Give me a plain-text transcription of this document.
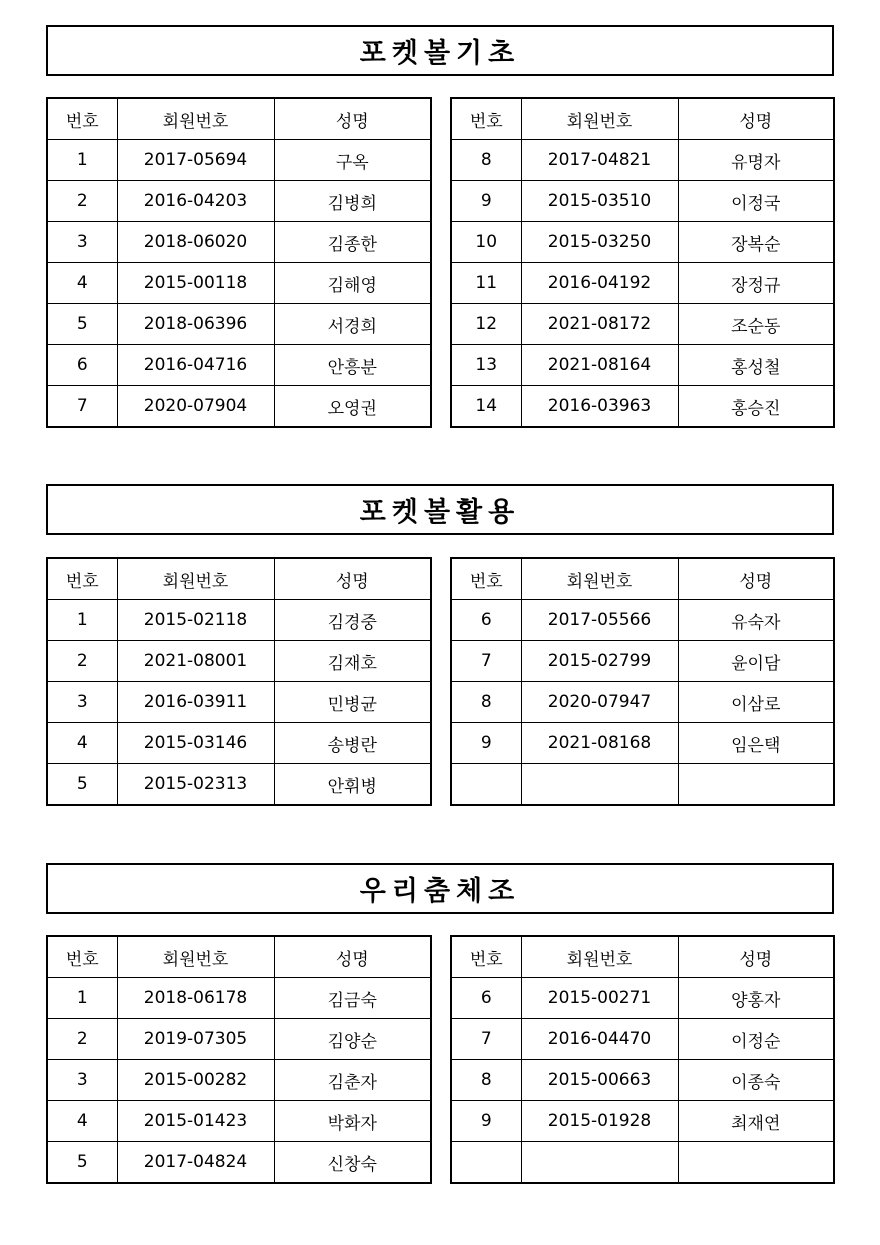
포켓볼기초
번호	회원번호	성명
1	2017-05694	구옥
2	2016-04203	김병희
3	2018-06020	김종한
4	2015-00118	김해영
5	2018-06396	서경희
6	2016-04716	안흥분
7	2020-07904	오영권
번호	회원번호	성명
8	2017-04821	유명자
9	2015-03510	이정국
10	2015-03250	장복순
11	2016-04192	장정규
12	2021-08172	조순동
13	2021-08164	홍성철
14	2016-03963	홍승진
포켓볼활용
번호	회원번호	성명
1	2015-02118	김경중
2	2021-08001	김재호
3	2016-03911	민병균
4	2015-03146	송병란
5	2015-02313	안휘병
번호	회원번호	성명
6	2017-05566	유숙자
7	2015-02799	윤이담
8	2020-07947	이삼로
9	2021-08168	임은택

우리춤체조
번호	회원번호	성명
1	2018-06178	김금숙
2	2019-07305	김양순
3	2015-00282	김춘자
4	2015-01423	박화자
5	2017-04824	신창숙
번호	회원번호	성명
6	2015-00271	양홍자
7	2016-04470	이정순
8	2015-00663	이종숙
9	2015-01928	최재연
